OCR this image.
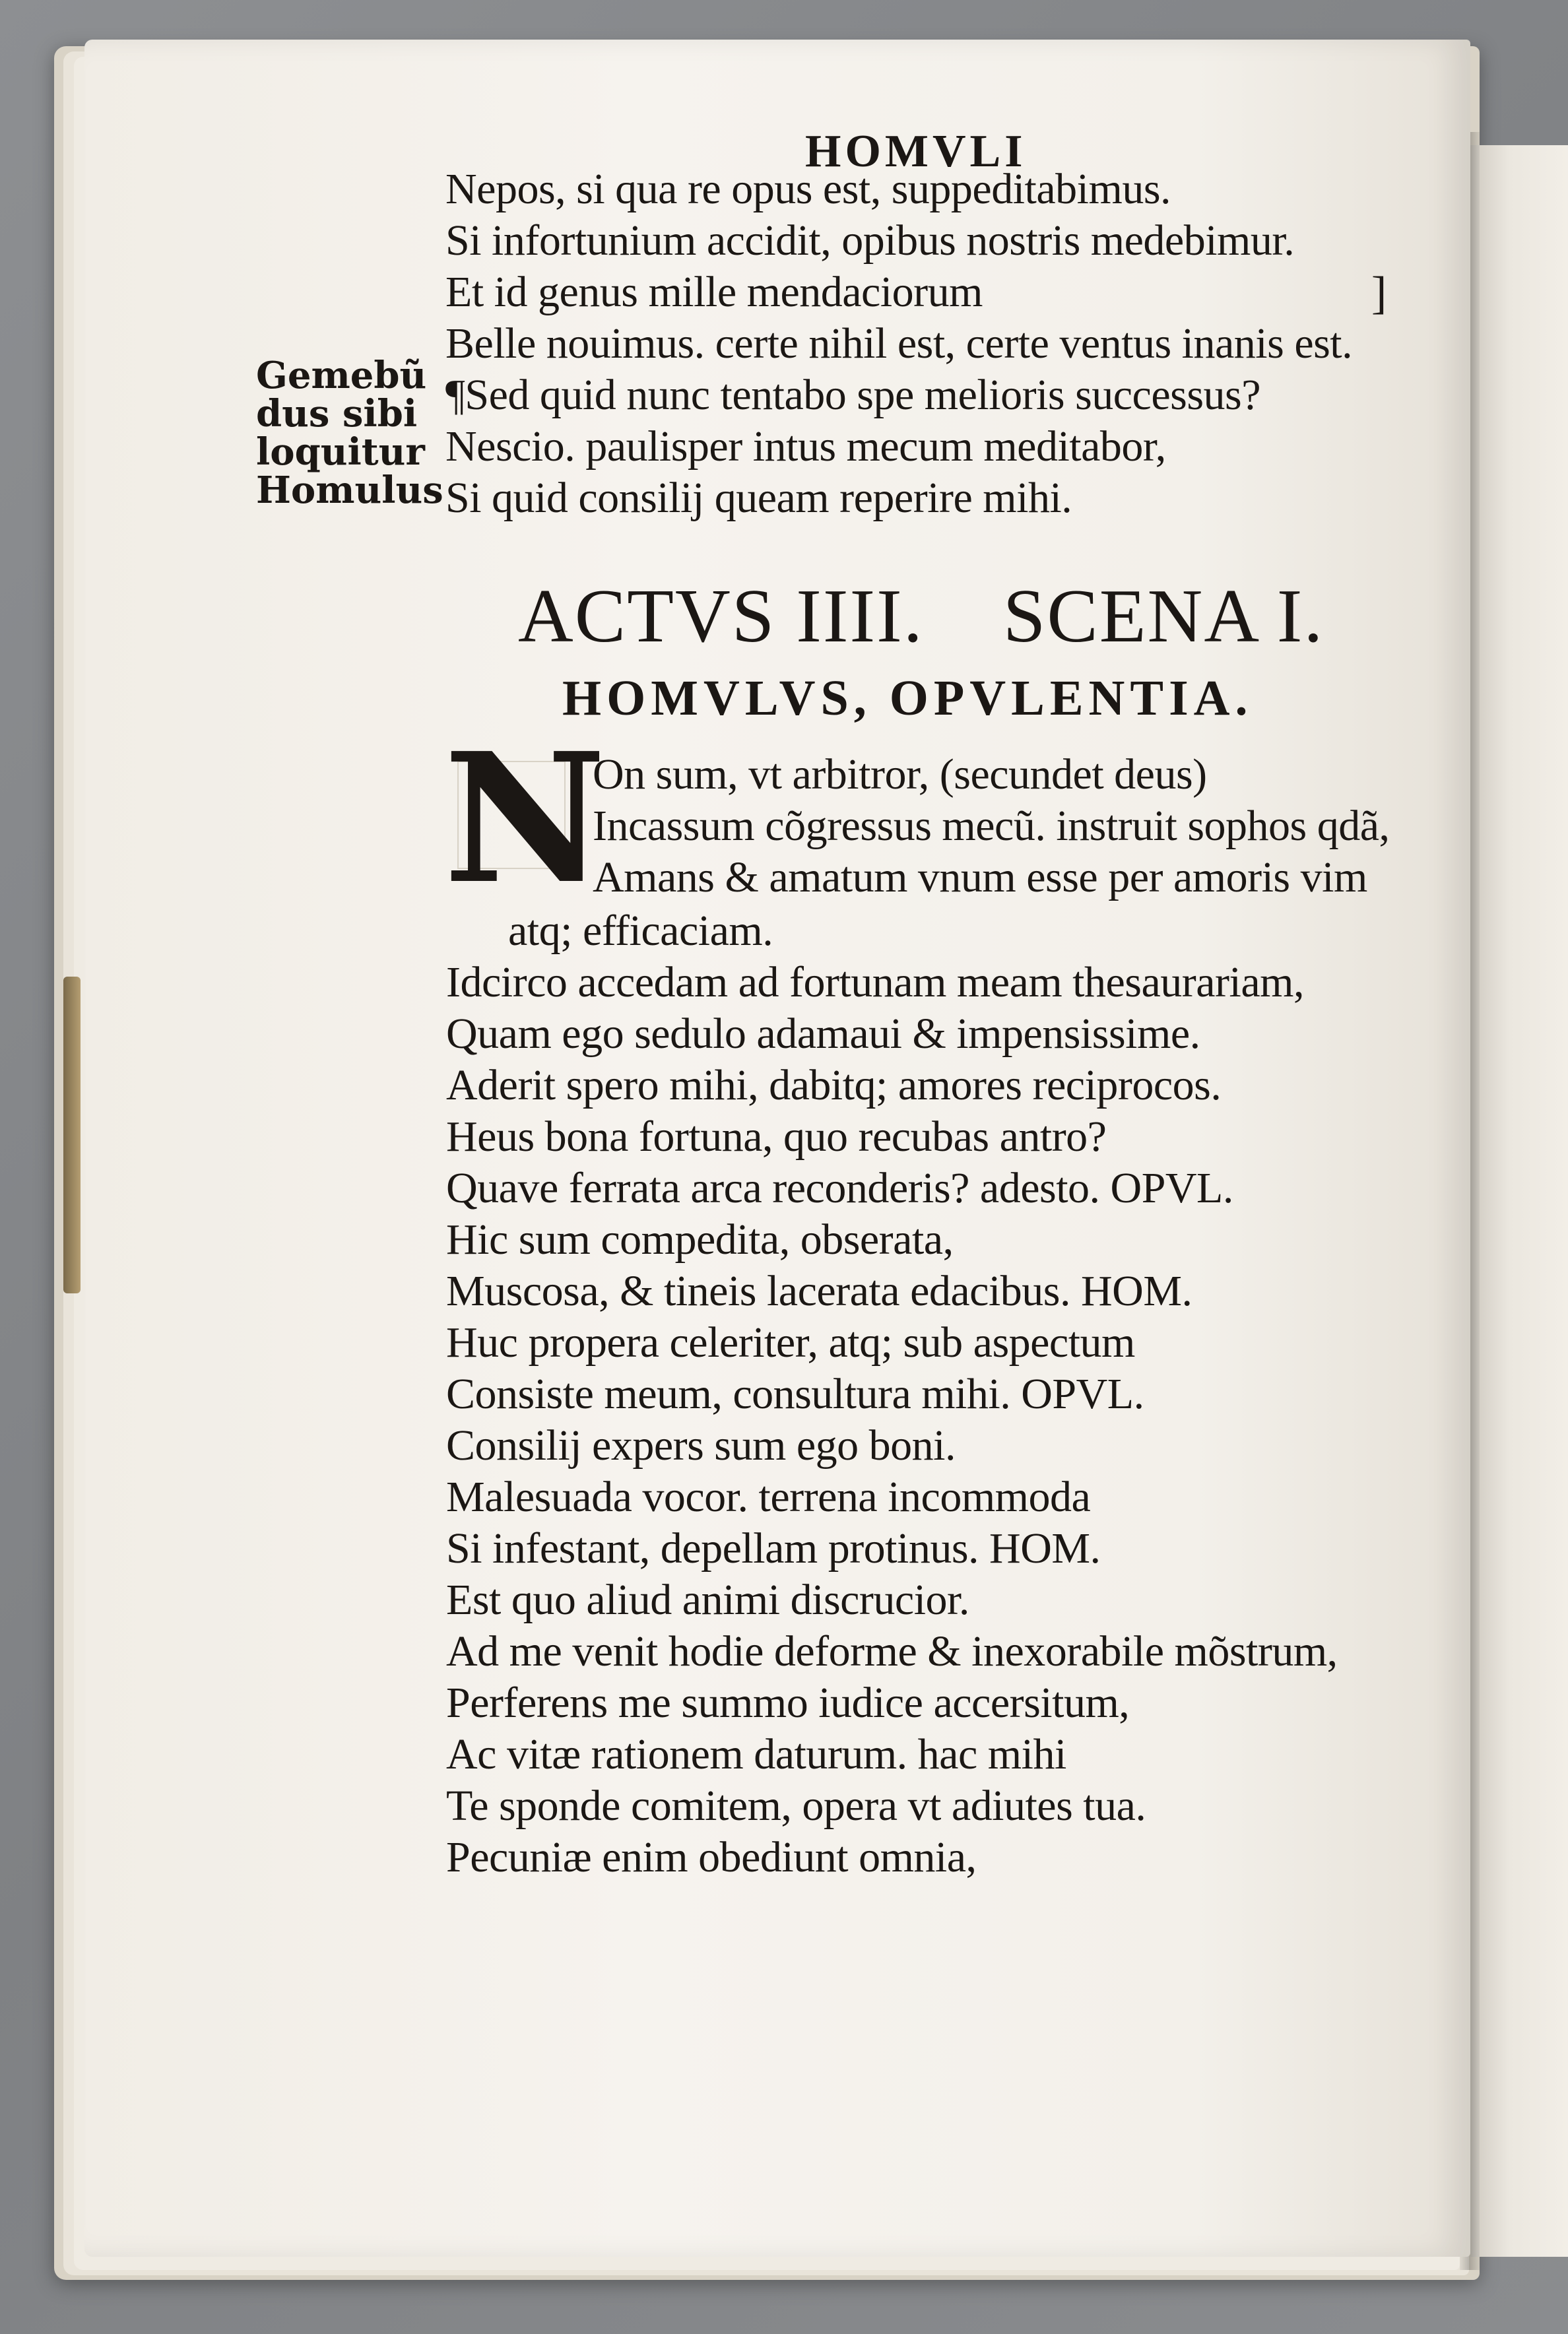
HOMVLI
Nepos, si qua re opus est, suppeditabimus.
Si infortunium accidit, opibus nostris medebimur.
Et id genus mille mendaciorum
Belle nouimus. certe nihil est, certe ventus inanis est.
¶Sed quid nunc tentabo spe melioris successus?
Nescio. paulisper intus mecum meditabor,
Si quid consilij queam reperire mihi.
]
Gemebũ
dus sibi
loquitur
Homulus
ACTVS IIII. SCENA I.
HOMVLVS, OPVLENTIA.
N
On sum, vt arbitror, (secundet deus)
Incassum cõgressus mecũ. instruit sophos qdã,
Amans & amatum vnum esse per amoris vim
atq; efficaciam.
Idcirco accedam ad fortunam meam thesaurariam,
Quam ego sedulo adamaui & impensissime.
Aderit spero mihi, dabitq; amores reciprocos.
Heus bona fortuna, quo recubas antro?
Quave ferrata arca reconderis? adesto. OPVL.
Hic sum compedita, obserata,
Muscosa, & tineis lacerata edacibus. HOM.
Huc propera celeriter, atq; sub aspectum
Consiste meum, consultura mihi. OPVL.
Consilij expers sum ego boni.
Malesuada vocor. terrena incommoda
Si infestant, depellam protinus. HOM.
Est quo aliud animi discrucior.
Ad me venit hodie deforme & inexorabile mõstrum,
Perferens me summo iudice accersitum,
Ac vitæ rationem daturum. hac mihi
Te sponde comitem, opera vt adiutes tua.
Pecuniæ enim obediunt omnia,
